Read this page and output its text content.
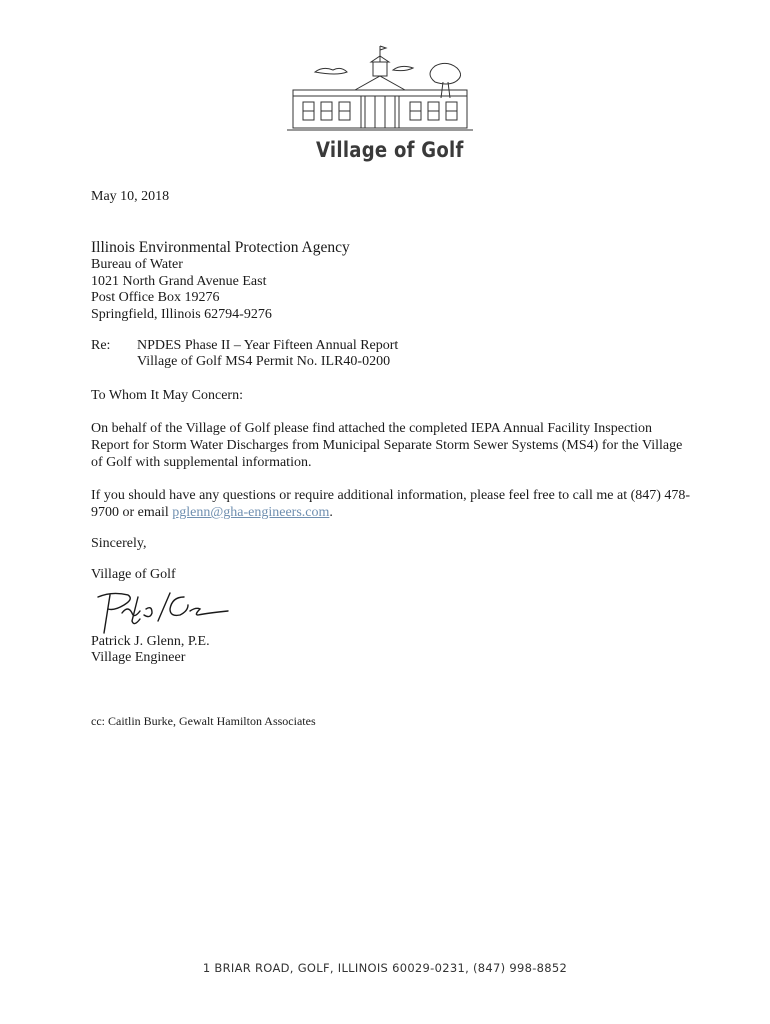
Village of Golf
May 10, 2018
Illinois Environmental Protection Agency
Bureau of Water
1021 North Grand Avenue East
Post Office Box 19276
Springfield, Illinois 62794-9276
Re: NPDES Phase II – Year Fifteen Annual Report
Village of Golf MS4 Permit No. ILR40-0200
To Whom It May Concern:
On behalf of the Village of Golf please find attached the completed IEPA Annual Facility Inspection Report for Storm Water Discharges from Municipal Separate Storm Sewer Systems (MS4) for the Village of Golf with supplemental information.
If you should have any questions or require additional information, please feel free to call me at (847) 478-9700 or email pglenn@gha-engineers.com.
Sincerely,
Village of Golf
Patrick J. Glenn, P.E.
Village Engineer
cc: Caitlin Burke, Gewalt Hamilton Associates
1 BRIAR ROAD, GOLF, ILLINOIS 60029-0231, (847) 998-8852
